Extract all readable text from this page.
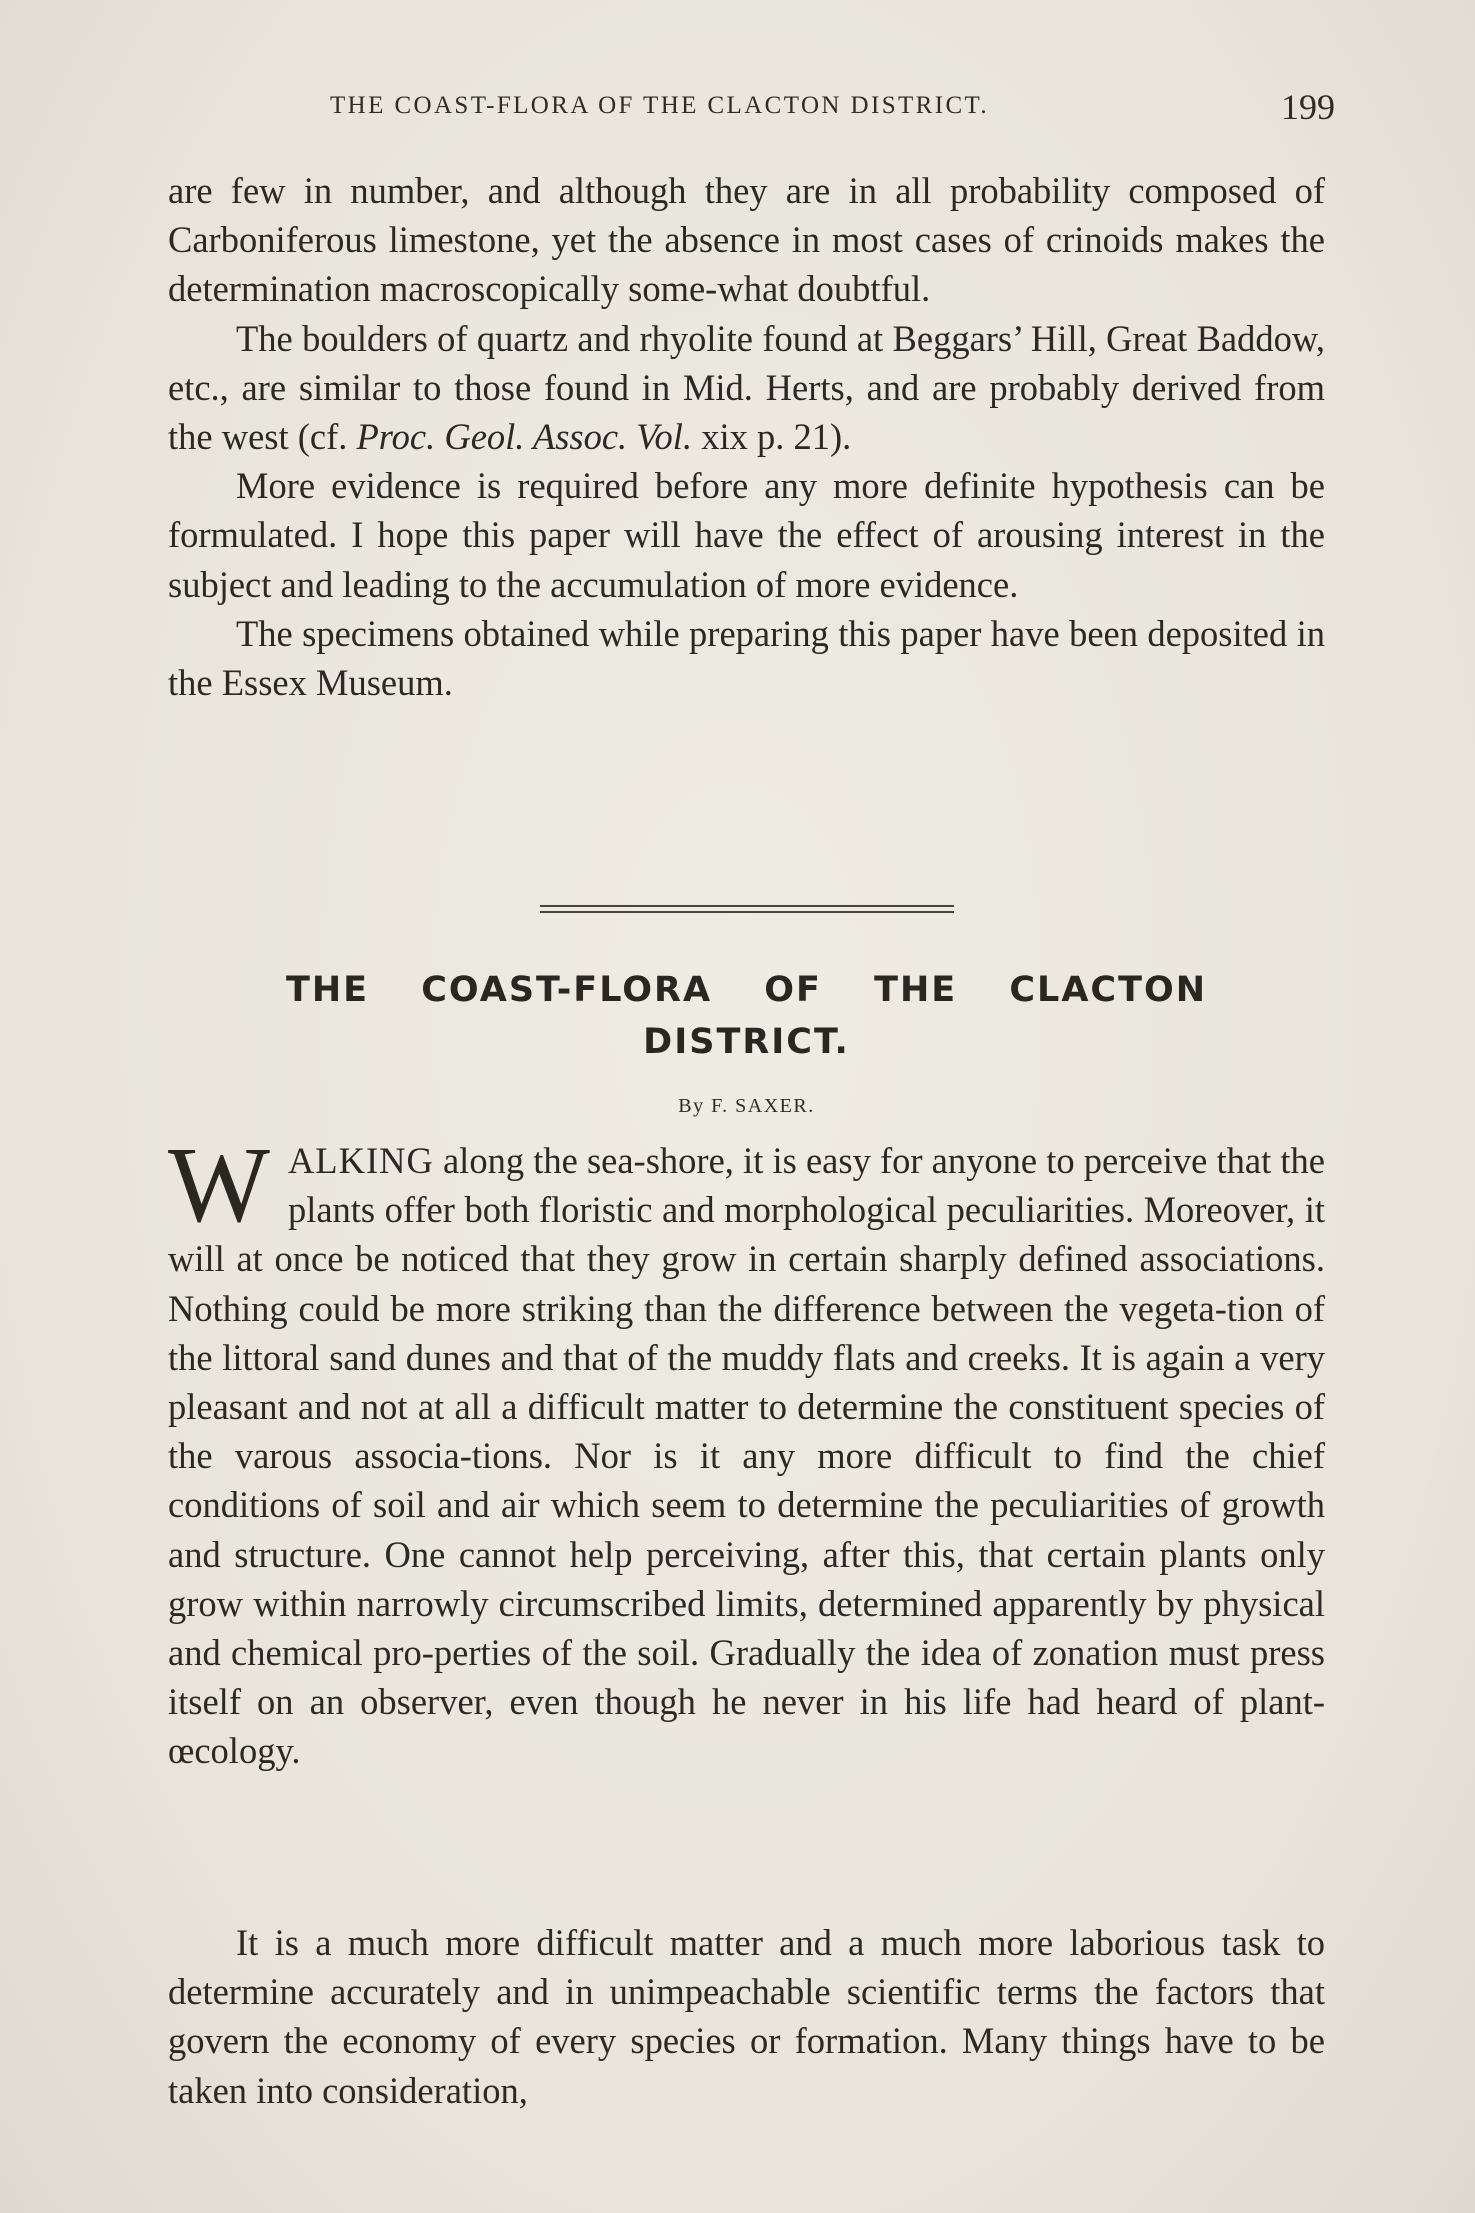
THE COAST-FLORA OF THE CLACTON DISTRICT.	199

are few in number, and although they are in all probability composed of Carboniferous limestone, yet the absence in most cases of crinoids makes the determination macroscopically some-what doubtful.

The boulders of quartz and rhyolite found at Beggars’ Hill, Great Baddow, etc., are similar to those found in Mid. Herts, and are probably derived from the west (cf. Proc. Geol. Assoc. Vol. xix p. 21).

More evidence is required before any more definite hypothesis can be formulated. I hope this paper will have the effect of arousing interest in the subject and leading to the accumulation of more evidence.

The specimens obtained while preparing this paper have been deposited in the Essex Museum.

THE COAST-FLORA OF THE CLACTON
DISTRICT.
By F. SAXER.

WALKING along the sea-shore, it is easy for anyone to perceive that the plants offer both floristic and morphological peculiarities. Moreover, it will at once be noticed that they grow in certain sharply defined associations. Nothing could be more striking than the difference between the vegeta-tion of the littoral sand dunes and that of the muddy flats and creeks. It is again a very pleasant and not at all a difficult matter to determine the constituent species of the varous associa-tions. Nor is it any more difficult to find the chief conditions of soil and air which seem to determine the peculiarities of growth and structure. One cannot help perceiving, after this, that certain plants only grow within narrowly circumscribed limits, determined apparently by physical and chemical pro-perties of the soil. Gradually the idea of zonation must press itself on an observer, even though he never in his life had heard of plant-œcology.

It is a much more difficult matter and a much more laborious task to determine accurately and in unimpeachable scientific terms the factors that govern the economy of every species or formation. Many things have to be taken into consideration,
